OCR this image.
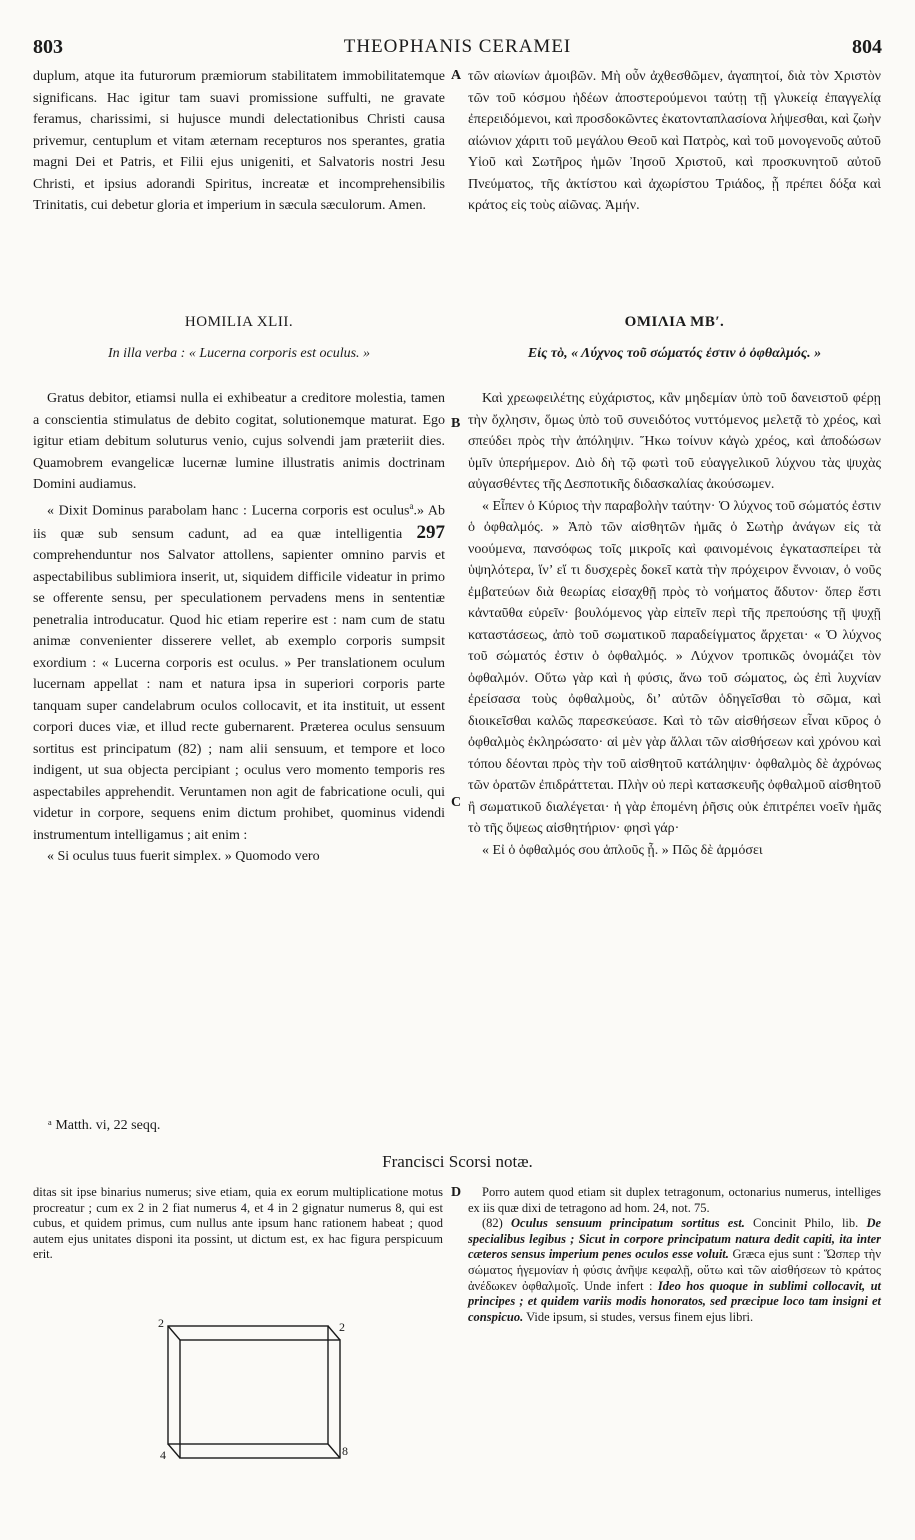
803	THEOPHANIS CERAMEI	804
A
B
C
D

duplum, atque ita futurorum præmiorum stabilitatem immobilitatemque significans. Hac igitur tam suavi promissione suffulti, ne gravate feramus, charissimi, si hujusce mundi delectationibus Christi causa privemur, centuplum et vitam æternam recepturos nos sperantes, gratia magni Dei et Patris, et Filii ejus unigeniti, et Salvatoris nostri Jesu Christi, et ipsius adorandi Spiritus, increatæ et incomprehensibilis Trinitatis, cui debetur gloria et imperium in sæcula sæculorum. Amen.

τῶν αἰωνίων ἀμοιβῶν. Μὴ οὖν ἀχθεσθῶμεν, ἀγαπητοί, διὰ τὸν Χριστὸν τῶν τοῦ κόσμου ἡδέων ἀποστερούμενοι ταύτῃ τῇ γλυκείᾳ ἐπαγγελίᾳ ἐπερειδόμενοι, καὶ προσδοκῶντες ἑκατονταπλασίονα λήψεσθαι, καὶ ζωὴν αἰώνιον χάριτι τοῦ μεγάλου Θεοῦ καὶ Πατρὸς, καὶ τοῦ μονογενοῦς αὐτοῦ Υἱοῦ καὶ Σωτῆρος ἡμῶν Ἰησοῦ Χριστοῦ, καὶ προσκυνητοῦ αὐτοῦ Πνεύματος, τῆς ἀκτίστου καὶ ἀχωρίστου Τριάδος, ᾗ πρέπει δόξα καὶ κράτος εἰς τοὺς αἰῶνας. Ἀμήν.

HOMILIA XLII.	ΟΜΙΛΙΑ ΜΒʹ.
In illa verba : « Lucerna corporis est oculus. »	Εἰς τὸ, « Λύχνος τοῦ σώματός ἐστιν ὁ ὀφθαλμός. »

Gratus debitor, etiamsi nulla ei exhibeatur a creditore molestia, tamen a conscientia stimulatus de debito cogitat, solutionemque maturat. Ego igitur etiam debitum soluturus venio, cujus solvendi jam præteriit dies. Quamobrem evangelicæ lucernæ lumine illustratis animis doctrinam Domini audiamus.

« Dixit Dominus parabolam hanc : Lucerna corporis est oculus$^a$.» Ab iis quæ sub sensum cadunt, ad ea quæ intelligentia 297 comprehenduntur nos Salvator attollens, sapienter omnino parvis et aspectabilibus sublimiora inserit, ut, siquidem difficile videatur in primo se offerente sensu, per speculationem pervadens mens in sententiæ penetralia introducatur. Quod hic etiam reperire est : nam cum de statu animæ convenienter disserere vellet, ab exemplo corporis sumpsit exordium : « Lucerna corporis est oculus. » Per translationem oculum lucernam appellat : nam et natura ipsa in superiori corporis parte tanquam super candelabrum oculos collocavit, et ita instituit, ut essent corpori duces viæ, et illud recte gubernarent. Præterea oculus sensuum sortitus est principatum (82) ; nam alii sensuum, et tempore et loco indigent, ut sua objecta percipiant ; oculus vero momento temporis res aspectabiles apprehendit. Veruntamen non agit de fabricatione oculi, qui videtur in corpore, sequens enim dictum prohibet, quominus videndi instrumentum intelligamus ; ait enim :

« Si oculus tuus fuerit simplex. » Quomodo vero

Καὶ χρεωφειλέτης εὐχάριστος, κἂν μηδεμίαν ὑπὸ τοῦ δανειστοῦ φέρῃ τὴν ὄχλησιν, ὅμως ὑπὸ τοῦ συνειδότος νυττόμενος μελετᾷ τὸ χρέος, καὶ σπεύδει πρὸς τὴν ἀπόληψιν. Ἥκω τοίνυν κἀγὼ χρέος, καὶ ἀποδώσων ὑμῖν ὑπερήμερον. Διὸ δὴ τῷ φωτὶ τοῦ εὐαγγελικοῦ λύχνου τὰς ψυχὰς αὐγασθέντες τῆς Δεσποτικῆς διδασκαλίας ἀκούσωμεν.

« Εἶπεν ὁ Κύριος τὴν παραβολὴν ταύτην· Ὁ λύχνος τοῦ σώματός ἐστιν ὁ ὀφθαλμός. » Ἀπὸ τῶν αἰσθητῶν ἡμᾶς ὁ Σωτὴρ ἀνάγων εἰς τὰ νοούμενα, πανσόφως τοῖς μικροῖς καὶ φαινομένοις ἐγκατασπείρει τὰ ὑψηλότερα, ἵν’ εἴ τι δυσχερὲς δοκεῖ κατὰ τὴν πρόχειρον ἔννοιαν, ὁ νοῦς ἐμβατεύων διὰ θεωρίας εἰσαχθῇ πρὸς τὸ νοήματος ἄδυτον· ὅπερ ἔστι κἀνταῦθα εὑρεῖν· βουλόμενος γὰρ εἰπεῖν περὶ τῆς πρεπούσης τῇ ψυχῇ καταστάσεως, ἀπὸ τοῦ σωματικοῦ παραδείγματος ἄρχεται· « Ὁ λύχνος τοῦ σώματός ἐστιν ὁ ὀφθαλμός. » Λύχνον τροπικῶς ὀνομάζει τὸν ὀφθαλμόν. Οὕτω γὰρ καὶ ἡ φύσις, ἄνω τοῦ σώματος, ὡς ἐπὶ λυχνίαν ἐρείσασα τοὺς ὀφθαλμοὺς, δι’ αὐτῶν ὁδηγεῖσθαι τὸ σῶμα, καὶ διοικεῖσθαι καλῶς παρεσκεύασε. Καὶ τὸ τῶν αἰσθήσεων εἶναι κῦρος ὁ ὀφθαλμὸς ἐκληρώσατο· αἱ μὲν γὰρ ἄλλαι τῶν αἰσθήσεων καὶ χρόνου καὶ τόπου δέονται πρὸς τὴν τοῦ αἰσθητοῦ κατάληψιν· ὀφθαλμὸς δὲ ἀχρόνως τῶν ὁρατῶν ἐπιδράττεται. Πλὴν οὐ περὶ κατασκευῆς ὀφθαλμοῦ αἰσθητοῦ ἢ σωματικοῦ διαλέγεται· ἡ γὰρ ἑπομένη ῥῆσις οὐκ ἐπιτρέπει νοεῖν ἡμᾶς τὸ τῆς ὄψεως αἰσθητήριον· φησὶ γάρ·

« Εἰ ὁ ὀφθαλμός σου ἁπλοῦς ᾖ. » Πῶς δὲ ἁρμόσει

ᵃ Matth. vi, 22 seqq.
Francisci Scorsi notæ.

ditas sit ipse binarius numerus; sive etiam, quia ex eorum multiplicatione motus procreatur ; cum ex 2 in 2 fiat numerus 4, et 4 in 2 gignatur numerus 8, qui est cubus, et quidem primus, cum nullus ante ipsum hanc rationem habeat ; quod autem ejus unitates disponi ita possint, ut dictum est, ex hac figura perspicuum erit.

Porro autem quod etiam sit duplex tetragonum, octonarius numerus, intelliges ex iis quæ dixi de tetragono ad hom. 24, not. 75.

(82) Oculus sensuum principatum sortitus est. Concinit Philo, lib. De specialibus legibus ; Sicut in corpore principatum natura dedit capiti, ita inter cæteros sensus imperium penes oculos esse voluit. Græca ejus sunt : Ὥσπερ τὴν σώματος ἡγεμονίαν ἡ φύσις ἀνῆψε κεφαλῇ, οὕτω καὶ τῶν αἰσθήσεων τὸ κράτος ἀνέδωκεν ὀφθαλμοῖς. Unde infert : Ideo hos quoque in sublimi collocavit, ut principes ; et quidem variis modis honoratos, sed præcipue loco tam insigni et conspicuo. Vide ipsum, si studes, versus finem ejus libri.

2	2
4	8
